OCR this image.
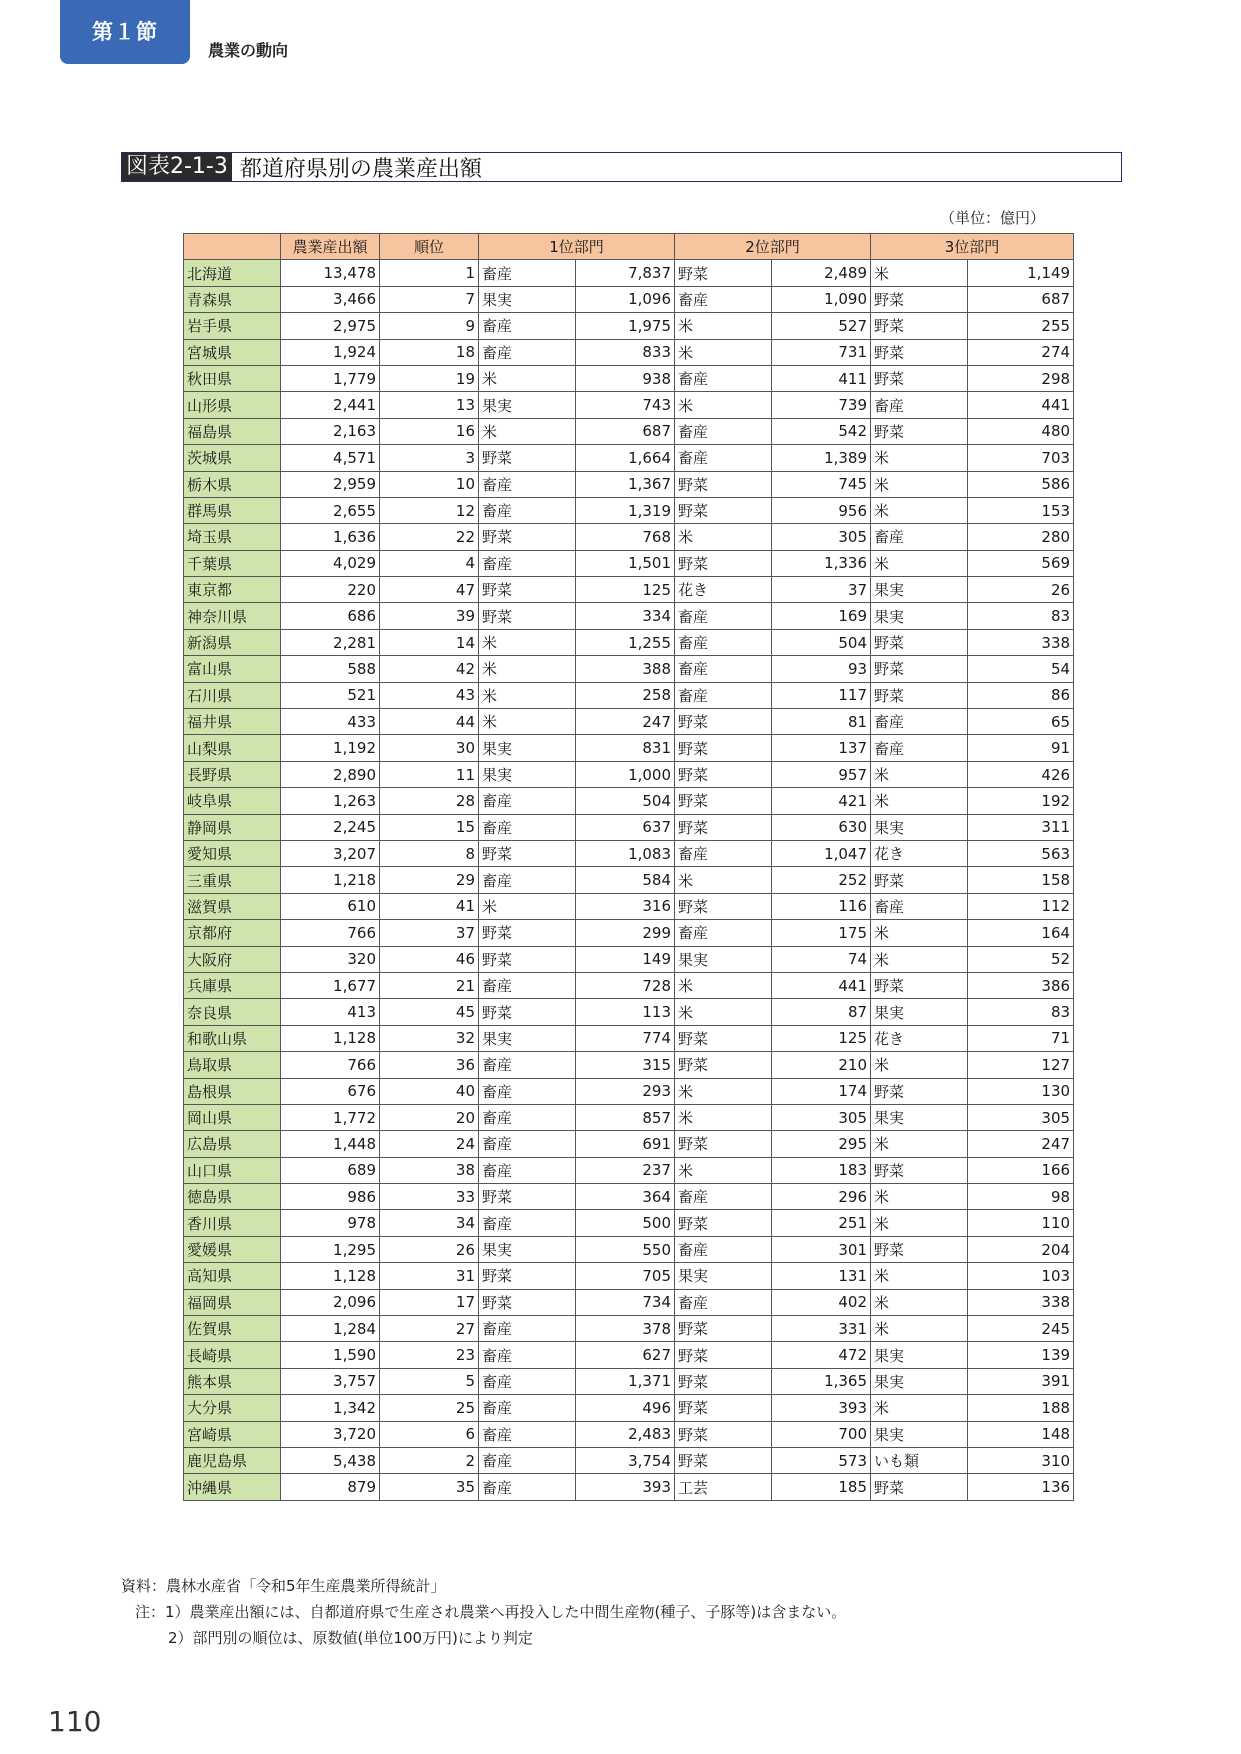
第１節
農業の動向
図表2-1-3 都道府県別の農業産出額
（単位：億円）
	農業産出額	順位	1位部門		2位部門		3位部門	
北海道	13,478	1	畜産	7,837	野菜	2,489	米	1,149
青森県	3,466	7	果実	1,096	畜産	1,090	野菜	687
岩手県	2,975	9	畜産	1,975	米	527	野菜	255
宮城県	1,924	18	畜産	833	米	731	野菜	274
秋田県	1,779	19	米	938	畜産	411	野菜	298
山形県	2,441	13	果実	743	米	739	畜産	441
福島県	2,163	16	米	687	畜産	542	野菜	480
茨城県	4,571	3	野菜	1,664	畜産	1,389	米	703
栃木県	2,959	10	畜産	1,367	野菜	745	米	586
群馬県	2,655	12	畜産	1,319	野菜	956	米	153
埼玉県	1,636	22	野菜	768	米	305	畜産	280
千葉県	4,029	4	畜産	1,501	野菜	1,336	米	569
東京都	220	47	野菜	125	花き	37	果実	26
神奈川県	686	39	野菜	334	畜産	169	果実	83
新潟県	2,281	14	米	1,255	畜産	504	野菜	338
富山県	588	42	米	388	畜産	93	野菜	54
石川県	521	43	米	258	畜産	117	野菜	86
福井県	433	44	米	247	野菜	81	畜産	65
山梨県	1,192	30	果実	831	野菜	137	畜産	91
長野県	2,890	11	果実	1,000	野菜	957	米	426
岐阜県	1,263	28	畜産	504	野菜	421	米	192
静岡県	2,245	15	畜産	637	野菜	630	果実	311
愛知県	3,207	8	野菜	1,083	畜産	1,047	花き	563
三重県	1,218	29	畜産	584	米	252	野菜	158
滋賀県	610	41	米	316	野菜	116	畜産	112
京都府	766	37	野菜	299	畜産	175	米	164
大阪府	320	46	野菜	149	果実	74	米	52
兵庫県	1,677	21	畜産	728	米	441	野菜	386
奈良県	413	45	野菜	113	米	87	果実	83
和歌山県	1,128	32	果実	774	野菜	125	花き	71
鳥取県	766	36	畜産	315	野菜	210	米	127
島根県	676	40	畜産	293	米	174	野菜	130
岡山県	1,772	20	畜産	857	米	305	果実	305
広島県	1,448	24	畜産	691	野菜	295	米	247
山口県	689	38	畜産	237	米	183	野菜	166
徳島県	986	33	野菜	364	畜産	296	米	98
香川県	978	34	畜産	500	野菜	251	米	110
愛媛県	1,295	26	果実	550	畜産	301	野菜	204
高知県	1,128	31	野菜	705	果実	131	米	103
福岡県	2,096	17	野菜	734	畜産	402	米	338
佐賀県	1,284	27	畜産	378	野菜	331	米	245
長崎県	1,590	23	畜産	627	野菜	472	果実	139
熊本県	3,757	5	畜産	1,371	野菜	1,365	果実	391
大分県	1,342	25	畜産	496	野菜	393	米	188
宮崎県	3,720	6	畜産	2,483	野菜	700	果実	148
鹿児島県	5,438	2	畜産	3,754	野菜	573	いも類	310
沖縄県	879	35	畜産	393	工芸	185	野菜	136
資料：農林水産省「令和5年生産農業所得統計」
注：1）農業産出額には、自都道府県で生産され農業へ再投入した中間生産物(種子、子豚等)は含まない。
2）部門別の順位は、原数値(単位100万円)により判定
110
